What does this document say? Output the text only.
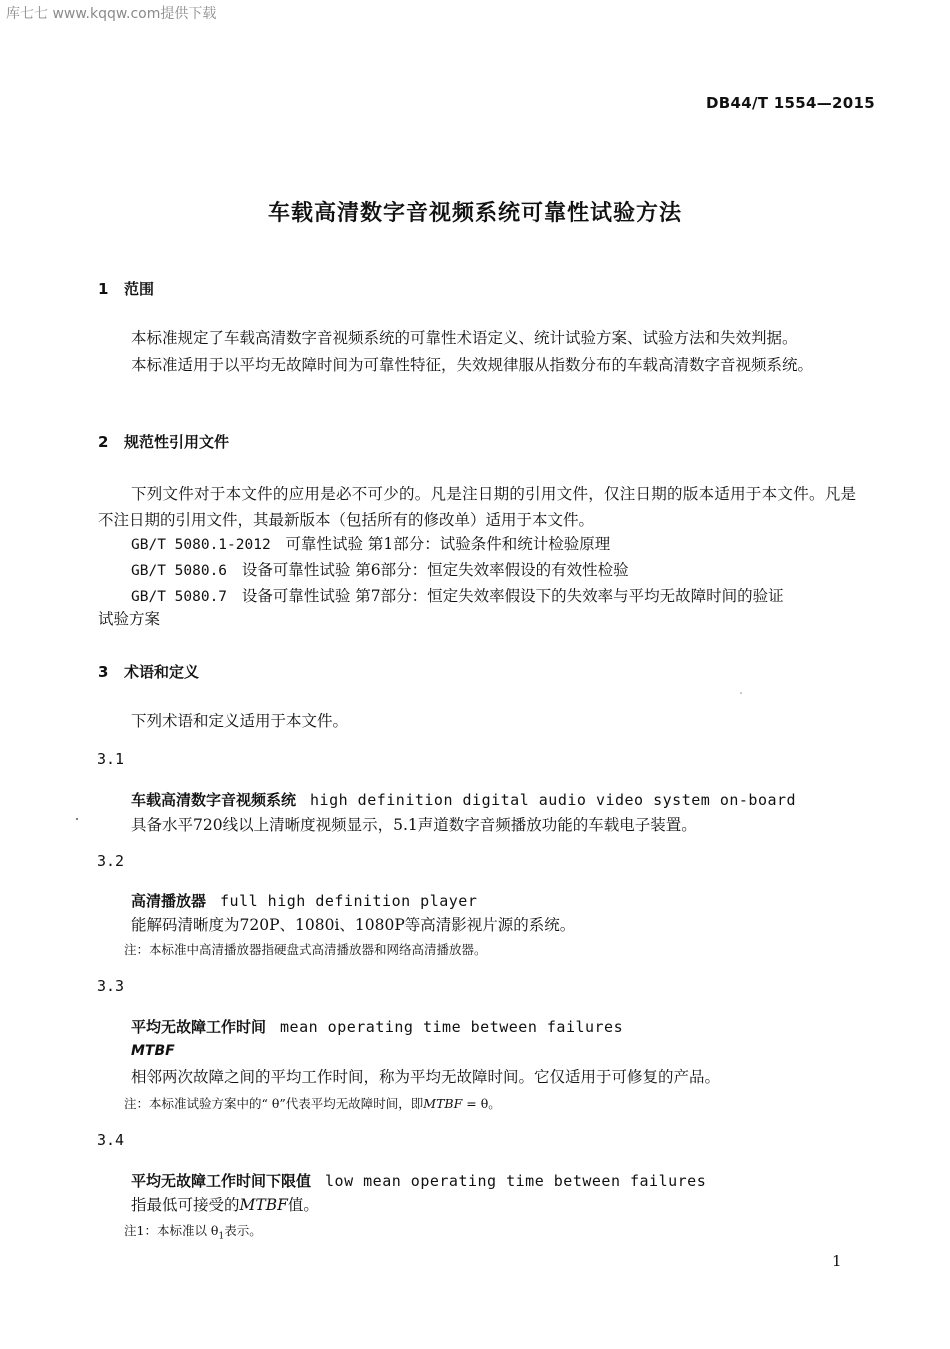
库七七 www.kqqw.com提供下载
DB44/T 1554—2015
车载高清数字音视频系统可靠性试验方法
1 范围
本标准规定了车载高清数字音视频系统的可靠性术语定义、统计试验方案、试验方法和失效判据。
本标准适用于以平均无故障时间为可靠性特征，失效规律服从指数分布的车载高清数字音视频系统。
2 规范性引用文件
下列文件对于本文件的应用是必不可少的。凡是注日期的引用文件，仅注日期的版本适用于本文件。凡是不注日期的引用文件，其最新版本（包括所有的修改单）适用于本文件。
GB/T 5080.1-2012 可靠性试验 第1部分：试验条件和统计检验原理
GB/T 5080.6 设备可靠性试验 第6部分：恒定失效率假设的有效性检验
GB/T 5080.7 设备可靠性试验 第7部分：恒定失效率假设下的失效率与平均无故障时间的验证
试验方案
3 术语和定义
下列术语和定义适用于本文件。
3.1
车载高清数字音视频系统 high definition digital audio video system on-board
具备水平720线以上清晰度视频显示，5.1声道数字音频播放功能的车载电子装置。
3.2
高清播放器 full high definition player
能解码清晰度为720P、1080i、1080P等高清影视片源的系统。
注：本标准中高清播放器指硬盘式高清播放器和网络高清播放器。
3.3
平均无故障工作时间 mean operating time between failures
MTBF
相邻两次故障之间的平均工作时间，称为平均无故障时间。它仅适用于可修复的产品。
注：本标准试验方案中的“ θ”代表平均无故障时间，即MTBF = θ。
3.4
平均无故障工作时间下限值 low mean operating time between failures
指最低可接受的MTBF值。
注1：本标准以 $\theta_1$表示。
1
